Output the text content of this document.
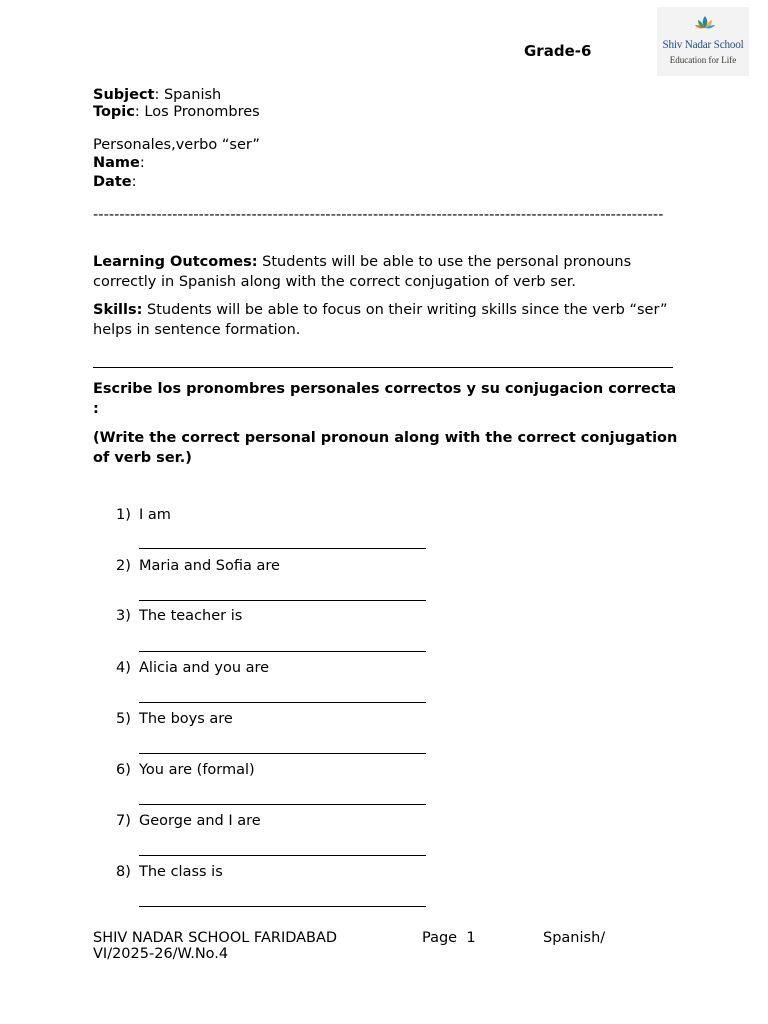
Grade-6	Shiv Nadar School
Education for Life
Subject: Spanish
Topic: Los Pronombres
Personales,verbo “ser”
Name:
Date:
------------------------------------------------------------------------------------------------------------
Learning Outcomes: Students will be able to use the personal pronouns correctly in Spanish along with the correct conjugation of verb ser.
Skills: Students will be able to focus on their writing skills since the verb “ser” helps in sentence formation.
Escribe los pronombres personales correctos y su conjugacion correcta :
(Write the correct personal pronoun along with the correct conjugation of verb ser.)
1) I am
2) Maria and Sofia are
3) The teacher is
4) Alicia and you are
5) The boys are
6) You are (formal)
7) George and I are
8) The class is
SHIV NADAR SCHOOL FARIDABAD	Page 1	Spanish/
VI/2025-26/W.No.4
